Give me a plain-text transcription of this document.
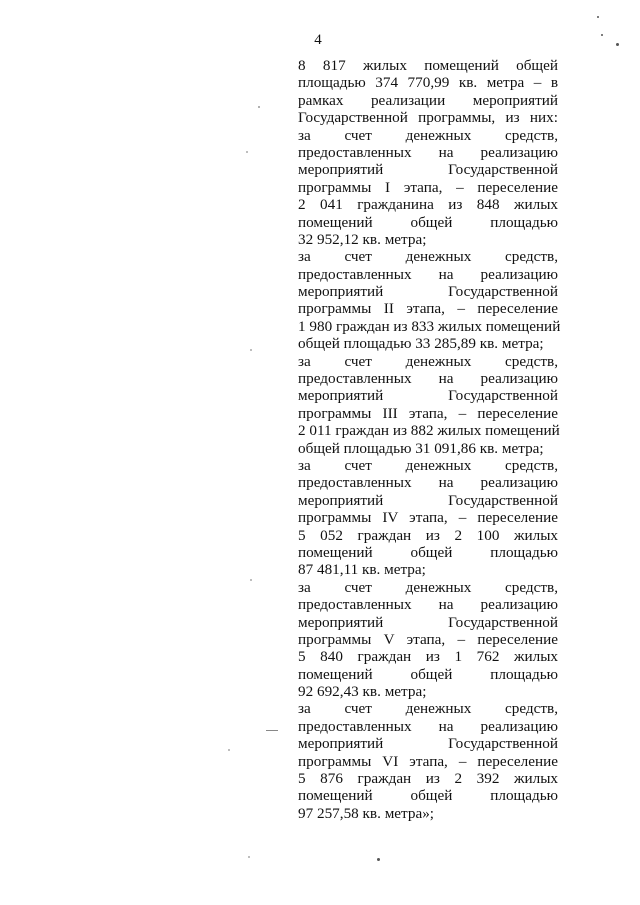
4
8 817 жилых помещений общей
площадью 374 770,99 кв. метра – в
рамках реализации мероприятий
Государственной программы, из них:
за счет денежных средств,
предоставленных на реализацию
мероприятий Государственной
программы I этапа, – переселение
2 041 гражданина из 848 жилых
помещений общей площадью
32 952,12 кв. метра;
за счет денежных средств,
предоставленных на реализацию
мероприятий Государственной
программы II этапа, – переселение
1 980 граждан из 833 жилых помещений
общей площадью 33 285,89 кв. метра;
за счет денежных средств,
предоставленных на реализацию
мероприятий Государственной
программы III этапа, – переселение
2 011 граждан из 882 жилых помещений
общей площадью 31 091,86 кв. метра;
за счет денежных средств,
предоставленных на реализацию
мероприятий Государственной
программы IV этапа, – переселение
5 052 граждан из 2 100 жилых
помещений общей площадью
87 481,11 кв. метра;
за счет денежных средств,
предоставленных на реализацию
мероприятий Государственной
программы V этапа, – переселение
5 840 граждан из 1 762 жилых
помещений общей площадью
92 692,43 кв. метра;
за счет денежных средств,
предоставленных на реализацию
мероприятий Государственной
программы VI этапа, – переселение
5 876 граждан из 2 392 жилых
помещений общей площадью
97 257,58 кв. метра»;
